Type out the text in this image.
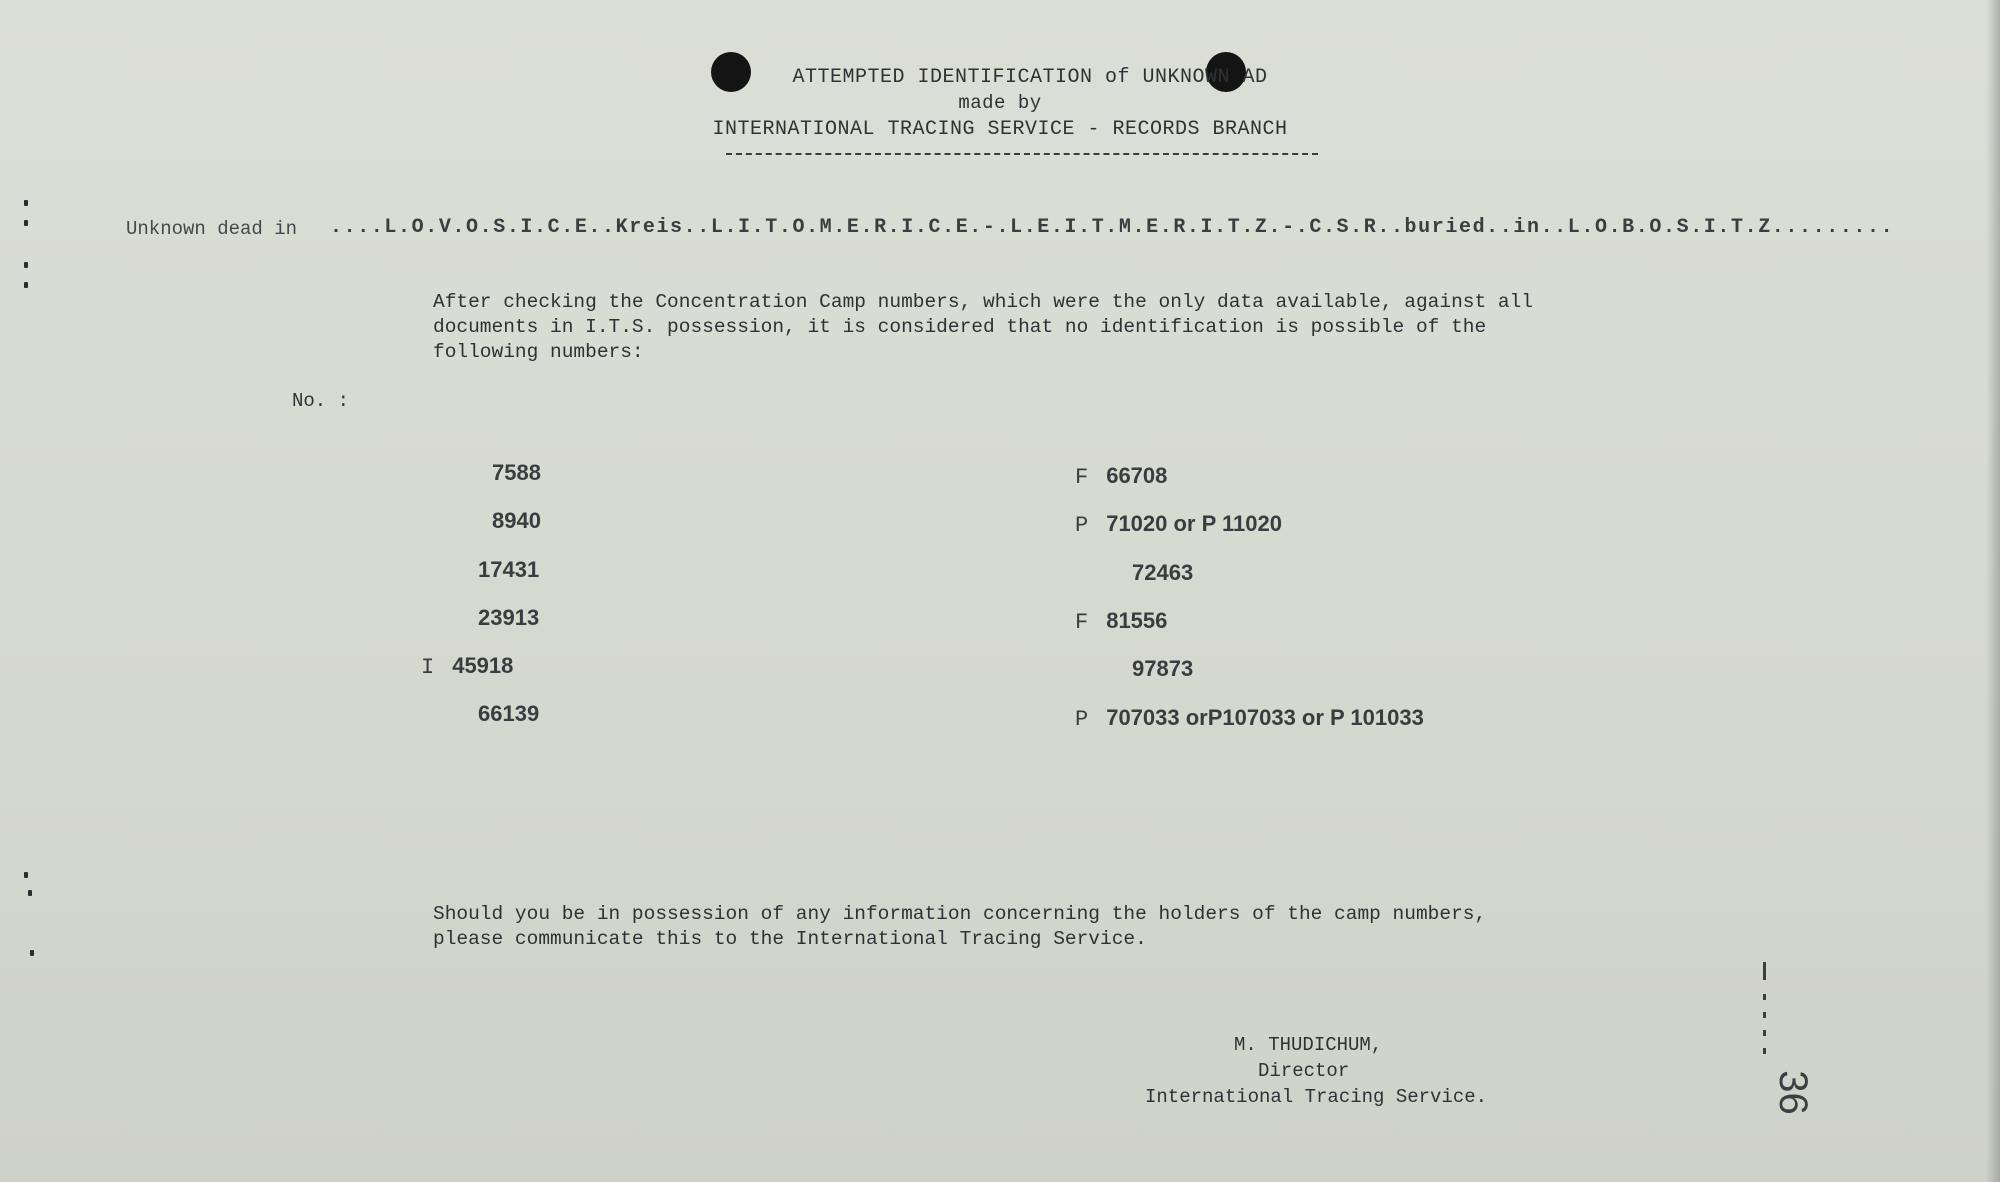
ATTEMPTED IDENTIFICATION of UNKNOWN AD
made by
INTERNATIONAL TRACING SERVICE - RECORDS BRANCH
Unknown dead in ....L.O.V.O.S.I.C.E..Kreis..L.I.T.O.M.E.R.I.C.E.-.L.E.I.T.M.E.R.I.T.Z.-.C.S.R..buried..in..L.O.B.O.S.I.T.Z.........
After checking the Concentration Camp numbers, which were the only data available, against all
documents in I.T.S. possession, it is considered that no identification is possible of the
following numbers:
No. :
7588
8940
17431
23913
I 45918
66139
F 66708
P 71020 or P 11020
72463
F 81556
97873
P 707033 orP107033 or P 101033
Should you be in possession of any information concerning the holders of the camp numbers,
please communicate this to the International Tracing Service.
M. THUDICHUM,
Director
International Tracing Service.	36
